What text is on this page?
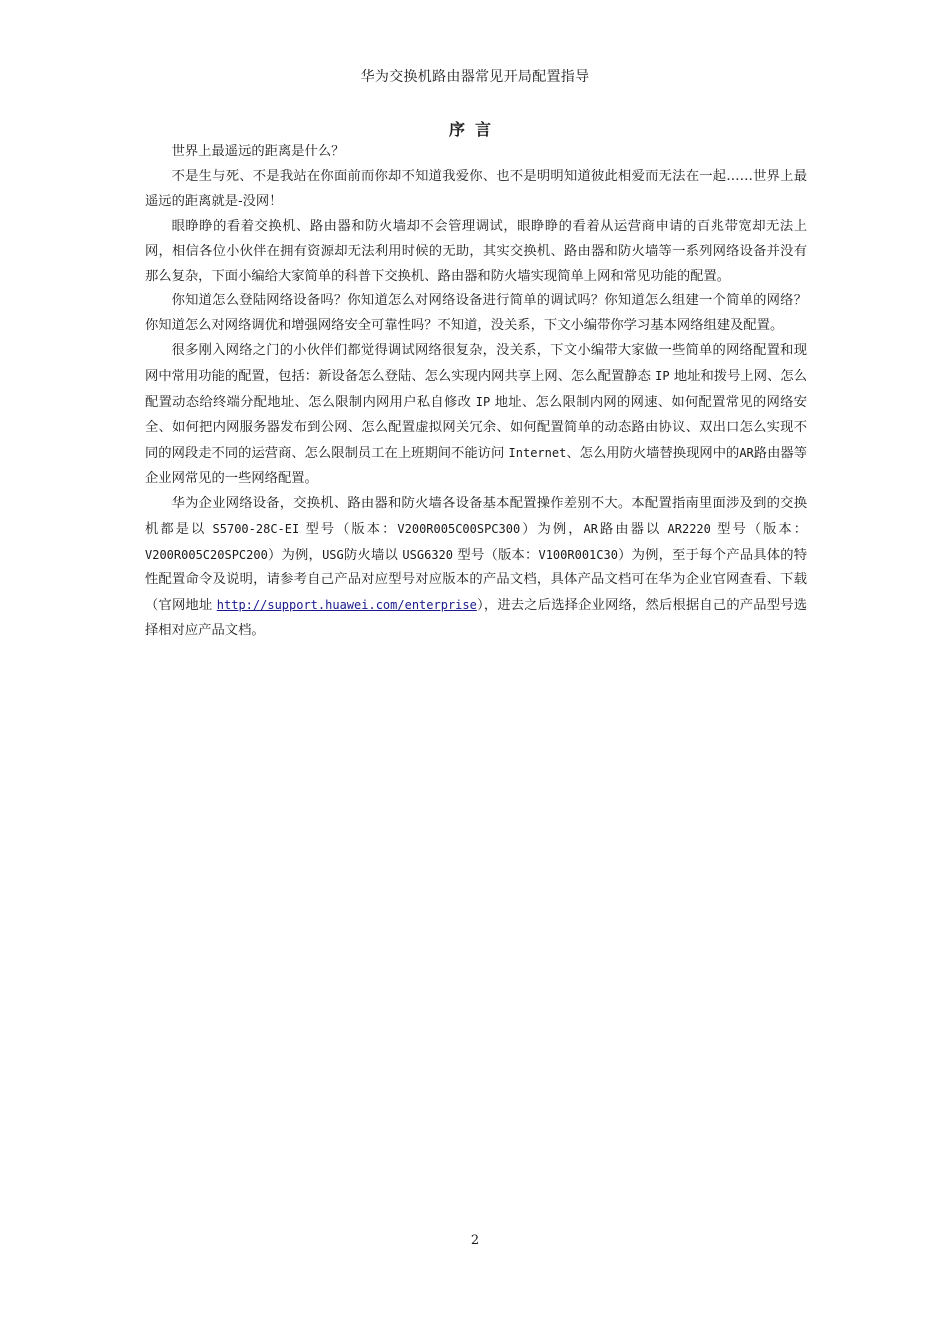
华为交换机路由器常见开局配置指导
序言

世界上最遥远的距离是什么？

不是生与死、不是我站在你面前而你却不知道我爱你、也不是明明知道彼此相爱而无法在一起……世界上最遥远的距离就是-没网！

眼睁睁的看着交换机、路由器和防火墙却不会管理调试，眼睁睁的看着从运营商申请的百兆带宽却无法上网，相信各位小伙伴在拥有资源却无法利用时候的无助，其实交换机、路由器和防火墙等一系列网络设备并没有那么复杂，下面小编给大家简单的科普下交换机、路由器和防火墙实现简单上网和常见功能的配置。

你知道怎么登陆网络设备吗？你知道怎么对网络设备进行简单的调试吗？你知道怎么组建一个简单的网络？你知道怎么对网络调优和增强网络安全可靠性吗？不知道，没关系，下文小编带你学习基本网络组建及配置。

很多刚入网络之门的小伙伴们都觉得调试网络很复杂，没关系，下文小编带大家做一些简单的网络配置和现网中常用功能的配置，包括：新设备怎么登陆、怎么实现内网共享上网、怎么配置静态 IP 地址和拨号上网、怎么配置动态给终端分配地址、怎么限制内网用户私自修改 IP 地址、怎么限制内网的网速、如何配置常见的网络安全、如何把内网服务器发布到公网、怎么配置虚拟网关冗余、如何配置简单的动态路由协议、双出口怎么实现不同的网段走不同的运营商、怎么限制员工在上班期间不能访问 Internet、怎么用防火墙替换现网中的AR路由器等企业网常见的一些网络配置。

华为企业网络设备，交换机、路由器和防火墙各设备基本配置操作差别不大。本配置指南里面涉及到的交换机都是以 S5700-28C-EI 型号（版本：V200R005C00SPC300）为例，AR路由器以 AR2220 型号（版本：V200R005C20SPC200）为例，USG防火墙以 USG6320 型号（版本：V100R001C30）为例，至于每个产品具体的特性配置命令及说明，请参考自己产品对应型号对应版本的产品文档，具体产品文档可在华为企业官网查看、下载（官网地址 http://support.huawei.com/enterprise），进去之后选择企业网络，然后根据自己的产品型号选择相对应产品文档。

2
